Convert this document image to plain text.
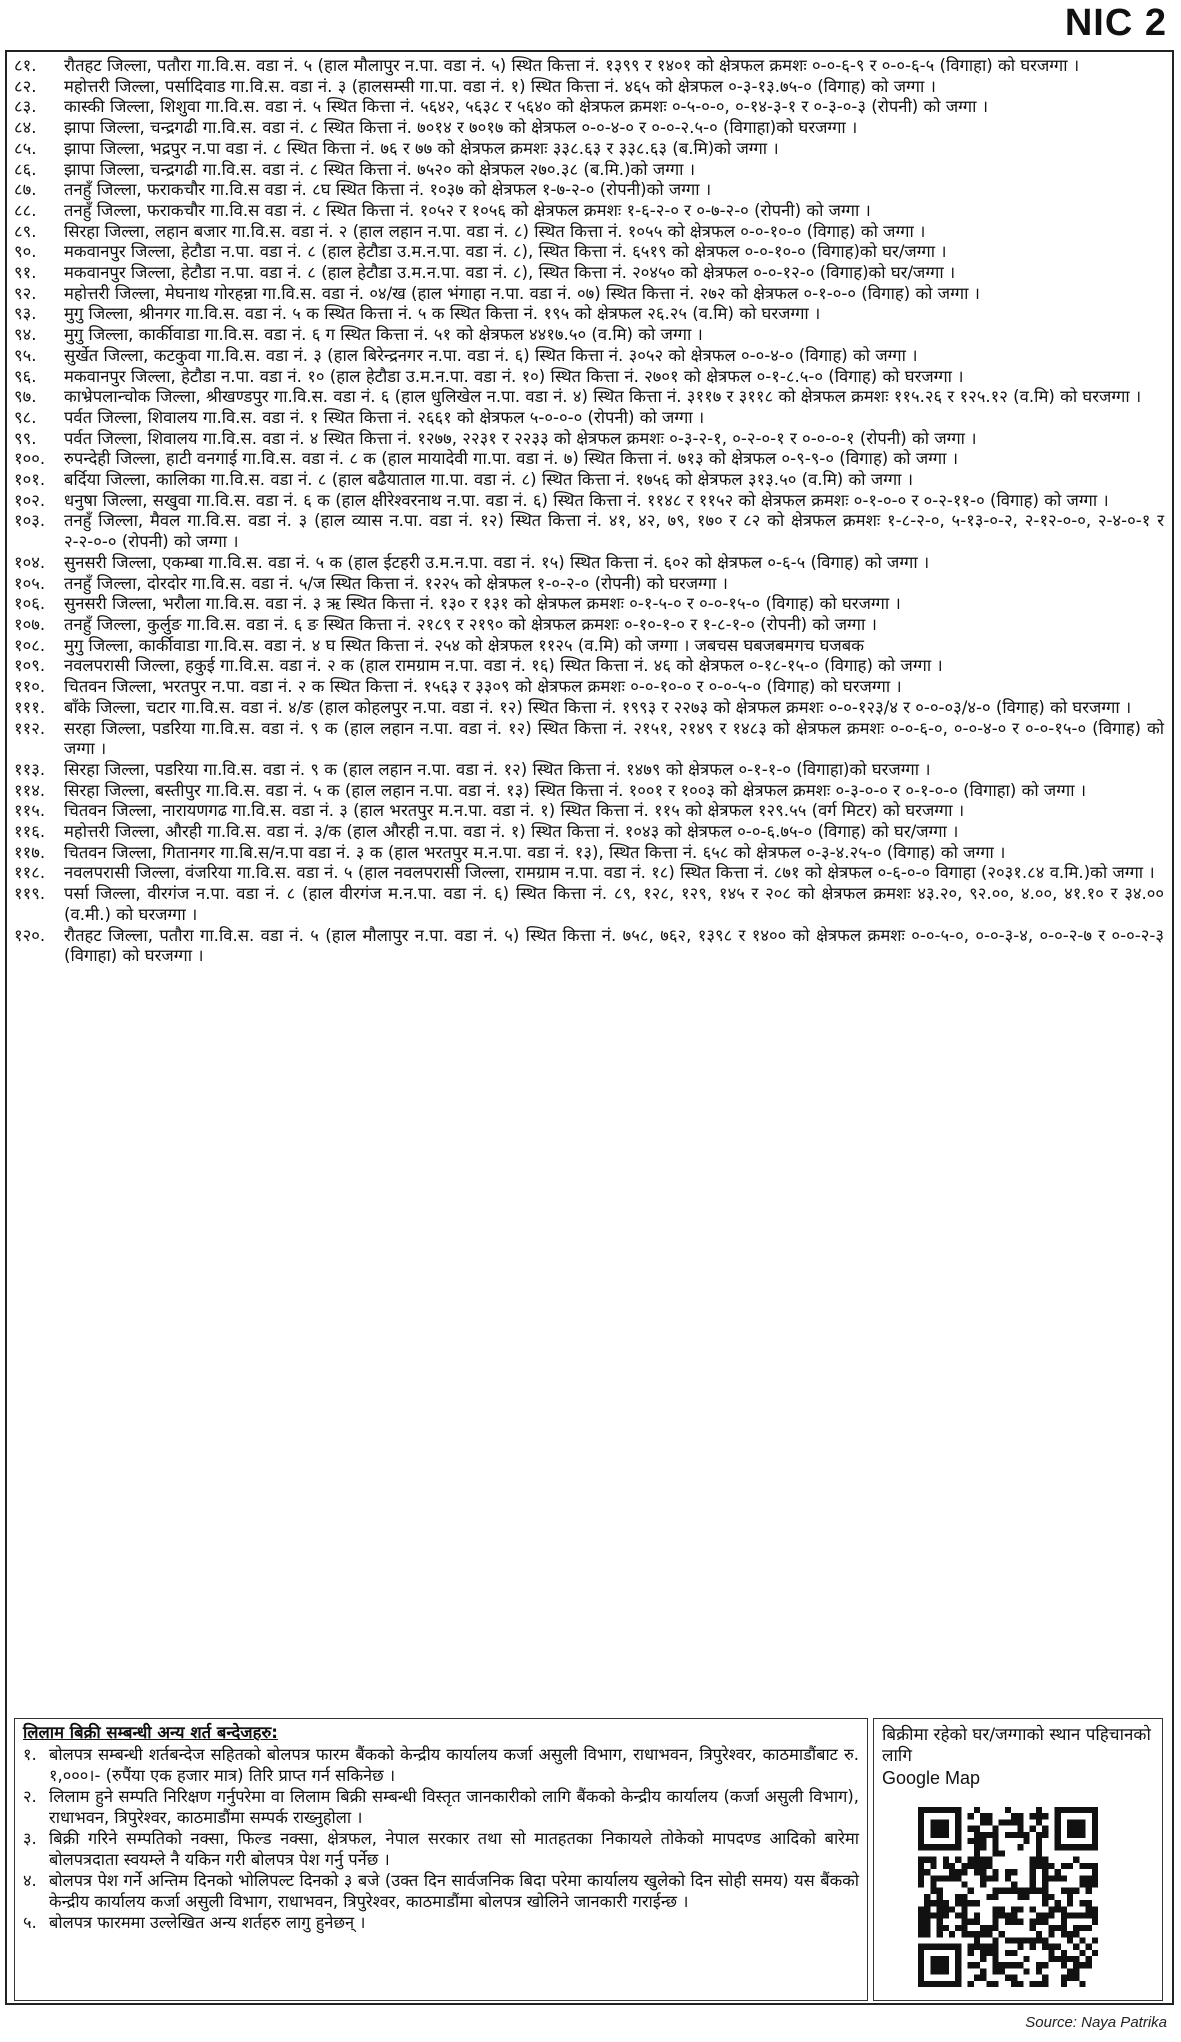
NIC 2
८१.	रौतहट जिल्ला, पतौरा गा.वि.स. वडा नं. ५ (हाल मौलापुर न.पा. वडा नं. ५) स्थित कित्ता नं. १३९९ र १४०१ को क्षेत्रफल क्रमशः ०-०-६-९ र ०-०-६-५ (विगाहा) को घरजग्गा ।
८२.	महोत्तरी जिल्ला, पर्सादिवाड गा.वि.स. वडा नं. ३ (हालसम्सी गा.पा. वडा नं. १) स्थित कित्ता नं. ४६५ को क्षेत्रफल ०-३-१३.७५-० (विगाह) को जग्गा ।
८३.	कास्की जिल्ला, शिशुवा गा.वि.स. वडा नं. ५ स्थित कित्ता नं. ५६४२, ५६३८ र ५६४० को क्षेत्रफल क्रमशः ०-५-०-०, ०-१४-३-१ र ०-३-०-३ (रोपनी) को जग्गा ।
८४.	झापा जिल्ला, चन्द्रगढी गा.वि.स. वडा नं. ८ स्थित कित्ता नं. ७०१४ र ७०१७ को क्षेत्रफल ०-०-४-० र ०-०-२.५-० (विगाहा)को घरजग्गा ।
८५.	झापा जिल्ला, भद्रपुर न.पा वडा नं. ८ स्थित कित्ता नं. ७६ र ७७ को क्षेत्रफल क्रमशः ३३८.६३ र ३३८.६३ (ब.मि)को जग्गा ।
८६.	झापा जिल्ला, चन्द्रगढी गा.वि.स. वडा नं. ८ स्थित कित्ता नं. ७५२० को क्षेत्रफल २७०.३८ (ब.मि.)को जग्गा ।
८७.	तनहुँ जिल्ला, फराकचौर गा.वि.स वडा नं. ८घ स्थित कित्ता नं. १०३७ को क्षेत्रफल १-७-२-० (रोपनी)को जग्गा ।
८८.	तनहुँ जिल्ला, फराकचौर गा.वि.स वडा नं. ८ स्थित कित्ता नं. १०५२ र १०५६ को क्षेत्रफल क्रमशः १-६-२-० र ०-७-२-० (रोपनी) को जग्गा ।
८९.	सिरहा जिल्ला, लहान बजार गा.वि.स. वडा नं. २ (हाल लहान न.पा. वडा नं. ८) स्थित कित्ता नं. १०५५ को क्षेत्रफल ०-०-१०-० (विगाह) को जग्गा ।
९०.	मकवानपुर जिल्ला, हेटौडा न.पा. वडा नं. ८ (हाल हेटौडा उ.म.न.पा. वडा नं. ८), स्थित कित्ता नं. ६५१९ को क्षेत्रफल ०-०-१०-० (विगाह)को घर/जग्गा ।
९१.	मकवानपुर जिल्ला, हेटौडा न.पा. वडा नं. ८ (हाल हेटौडा उ.म.न.पा. वडा नं. ८), स्थित कित्ता नं. २०४५० को क्षेत्रफल ०-०-१२-० (विगाह)को घर/जग्गा ।
९२.	महोत्तरी जिल्ला, मेघनाथ गोरहन्ना गा.वि.स. वडा नं. ०४/ख (हाल भंगाहा न.पा. वडा नं. ०७) स्थित कित्ता नं. २७२ को क्षेत्रफल ०-१-०-० (विगाह) को जग्गा ।
९३.	मुगु जिल्ला, श्रीनगर गा.वि.स. वडा नं. ५ क स्थित कित्ता नं. ५ क स्थित कित्ता नं. १९५ को क्षेत्रफल २६.२५ (व.मि) को घरजग्गा ।
९४.	मुगु जिल्ला, कार्कीवाडा गा.वि.स. वडा नं. ६ ग स्थित कित्ता नं. ५१ को क्षेत्रफल ४४१७.५० (व.मि) को जग्गा ।
९५.	सुर्खेत जिल्ला, कटकुवा गा.वि.स. वडा नं. ३ (हाल बिरेन्द्रनगर न.पा. वडा नं. ६) स्थित कित्ता नं. ३०५२ को क्षेत्रफल ०-०-४-० (विगाह) को जग्गा ।
९६.	मकवानपुर जिल्ला, हेटौडा न.पा. वडा नं. १० (हाल हेटौडा उ.म.न.पा. वडा नं. १०) स्थित कित्ता नं. २७०१ को क्षेत्रफल ०-१-८.५-० (विगाह) को घरजग्गा ।
९७.	काभ्रेपलान्चोक जिल्ला, श्रीखण्डपुर गा.वि.स. वडा नं. ६ (हाल धुलिखेल न.पा. वडा नं. ४) स्थित कित्ता नं. ३११७ र ३११८ को क्षेत्रफल क्रमशः ११५.२६ र १२५.१२ (व.मि) को घरजग्गा ।
९८.	पर्वत जिल्ला, शिवालय गा.वि.स. वडा नं. १ स्थित कित्ता नं. २६६१ को क्षेत्रफल ५-०-०-० (रोपनी) को जग्गा ।
९९.	पर्वत जिल्ला, शिवालय गा.वि.स. वडा नं. ४ स्थित कित्ता नं. १२७७, २२३१ र २२३३ को क्षेत्रफल क्रमशः ०-३-२-१, ०-२-०-१ र ०-०-०-१ (रोपनी) को जग्गा ।
१००.	रुपन्देही जिल्ला, हाटी वनगाई गा.वि.स. वडा नं. ८ क (हाल मायादेवी गा.पा. वडा नं. ७) स्थित कित्ता नं. ७१३ को क्षेत्रफल ०-९-९-० (विगाह) को जग्गा ।
१०१.	बर्दिया जिल्ला, कालिका गा.वि.स. वडा नं. ८ (हाल बढैयाताल गा.पा. वडा नं. ८) स्थित कित्ता नं. १७५६ को क्षेत्रफल ३१३.५० (व.मि) को जग्गा ।
१०२.	धनुषा जिल्ला, सखुवा गा.वि.स. वडा नं. ६ क (हाल क्षीरेश्वरनाथ न.पा. वडा नं. ६) स्थित कित्ता नं. ११४८ र ११५२ को क्षेत्रफल क्रमशः ०-१-०-० र ०-२-११-० (विगाह) को जग्गा ।
१०३.	तनहुँ जिल्ला, मैवल गा.वि.स. वडा नं. ३ (हाल व्यास न.पा. वडा नं. १२) स्थित कित्ता नं. ४१, ४२, ७९, १७० र ८२ को क्षेत्रफल क्रमशः १-८-२-०, ५-१३-०-२, २-१२-०-०, २-४-०-१ र २-२-०-० (रोपनी) को जग्गा ।
१०४.	सुनसरी जिल्ला, एकम्बा गा.वि.स. वडा नं. ५ क (हाल ईटहरी उ.म.न.पा. वडा नं. १५) स्थित कित्ता नं. ६०२ को क्षेत्रफल ०-६-५ (विगाह) को जग्गा ।
१०५.	तनहुँ जिल्ला, दोरदोर गा.वि.स. वडा नं. ५/ज स्थित कित्ता नं. १२२५ को क्षेत्रफल १-०-२-० (रोपनी) को घरजग्गा ।
१०६.	सुनसरी जिल्ला, भरौला गा.वि.स. वडा नं. ३ ऋ स्थित कित्ता नं. १३० र १३१ को क्षेत्रफल क्रमशः ०-१-५-० र ०-०-१५-० (विगाह) को घरजग्गा ।
१०७.	तनहुँ जिल्ला, कुर्लुङ गा.वि.स. वडा नं. ६ ङ स्थित कित्ता नं. २१८९ र २१९० को क्षेत्रफल क्रमशः ०-१०-१-० र १-८-१-० (रोपनी) को जग्गा ।
१०८.	मुगु जिल्ला, कार्कीवाडा गा.वि.स. वडा नं. ४ घ स्थित कित्ता नं. २५४ को क्षेत्रफल ११२५ (व.मि) को जग्गा । जबचस घबजबमगच घजबक
१०९.	नवलपरासी जिल्ला, हकुई गा.वि.स. वडा नं. २ क (हाल रामग्राम न.पा. वडा नं. १६) स्थित कित्ता नं. ४६ को क्षेत्रफल ०-१८-१५-० (विगाह) को जग्गा ।
११०.	चितवन जिल्ला, भरतपुर न.पा. वडा नं. २ क स्थित कित्ता नं. १५६३ र ३३०९ को क्षेत्रफल क्रमशः ०-०-१०-० र ०-०-५-० (विगाह) को घरजग्गा ।
१११.	बाँके जिल्ला, चटार गा.वि.स. वडा नं. ४/ङ (हाल कोहलपुर न.पा. वडा नं. १२) स्थित कित्ता नं. १९९३ र २२७३ को क्षेत्रफल क्रमशः ०-०-१२३/४ र ०-०-०३/४-० (विगाह) को घरजग्गा ।
११२.	सरहा जिल्ला, पडरिया गा.वि.स. वडा नं. ९ क (हाल लहान न.पा. वडा नं. १२) स्थित कित्ता नं. २१५१, २१४९ र १४८३ को क्षेत्रफल क्रमशः ०-०-६-०, ०-०-४-० र ०-०-१५-० (विगाह) को जग्गा ।
११३.	सिरहा जिल्ला, पडरिया गा.वि.स. वडा नं. ९ क (हाल लहान न.पा. वडा नं. १२) स्थित कित्ता नं. १४७९ को क्षेत्रफल ०-१-१-० (विगाहा)को घरजग्गा ।
११४.	सिरहा जिल्ला, बस्तीपुर गा.वि.स. वडा नं. ५ क (हाल लहान न.पा. वडा नं. १३) स्थित कित्ता नं. १००१ र १००३ को क्षेत्रफल क्रमशः ०-३-०-० र ०-१-०-० (विगाहा) को जग्गा ।
११५.	चितवन जिल्ला, नारायणगढ गा.वि.स. वडा नं. ३ (हाल भरतपुर म.न.पा. वडा नं. १) स्थित कित्ता नं. ११५ को क्षेत्रफल १२९.५५ (वर्ग मिटर) को घरजग्गा ।
११६.	महोत्तरी जिल्ला, औरही गा.वि.स. वडा नं. ३/क (हाल औरही न.पा. वडा नं. १) स्थित कित्ता नं. १०४३ को क्षेत्रफल ०-०-६.७५-० (विगाह) को घर/जग्गा ।
११७.	चितवन जिल्ला, गितानगर गा.बि.स/न.पा वडा नं. ३ क (हाल भरतपुर म.न.पा. वडा नं. १३), स्थित कित्ता नं. ६५८ को क्षेत्रफल ०-३-४.२५-० (विगाह) को जग्गा ।
११८.	नवलपरासी जिल्ला, वंजरिया गा.वि.स. वडा नं. ५ (हाल नवलपरासी जिल्ला, रामग्राम न.पा. वडा नं. १८) स्थित कित्ता नं. ८७१ को क्षेत्रफल ०-६-०-० विगाहा (२०३१.८४ व.मि.)को जग्गा ।
११९.	पर्सा जिल्ला, वीरगंज न.पा. वडा नं. ८ (हाल वीरगंज म.न.पा. वडा नं. ६) स्थित कित्ता नं. ८९, १२८, १२९, १४५ र २०८ को क्षेत्रफल क्रमशः ४३.२०, ९२.००, ४.००, ४१.१० र ३४.०० (व.मी.) को घरजग्गा ।
१२०.	रौतहट जिल्ला, पतौरा गा.वि.स. वडा नं. ५ (हाल मौलापुर न.पा. वडा नं. ५) स्थित कित्ता नं. ७५८, ७६२, १३९८ र १४०० को क्षेत्रफल क्रमशः ०-०-५-०, ०-०-३-४, ०-०-२-७ र ०-०-२-३ (विगाहा) को घरजग्गा ।
लिलाम बिक्री सम्बन्धी अन्य शर्त बन्देजहरु:
१. बोलपत्र सम्बन्धी शर्तबन्देज सहितको बोलपत्र फारम बैंकको केन्द्रीय कार्यालय कर्जा असुली विभाग, राधाभवन, त्रिपुरेश्वर, काठमाडौंबाट रु. १,०००।- (रुपैंया एक हजार मात्र) तिरि प्राप्त गर्न सकिनेछ ।
२. लिलाम हुने सम्पति निरिक्षण गर्नुपरेमा वा लिलाम बिक्री सम्बन्धी विस्तृत जानकारीको लागि बैंकको केन्द्रीय कार्यालय (कर्जा असुली विभाग), राधाभवन, त्रिपुरेश्वर, काठमाडौंमा सम्पर्क राख्नुहोला ।
३. बिक्री गरिने सम्पतिको नक्सा, फिल्ड नक्सा, क्षेत्रफल, नेपाल सरकार तथा सो मातहतका निकायले तोकेको मापदण्ड आदिको बारेमा बोलपत्रदाता स्वयम्ले नै यकिन गरी बोलपत्र पेश गर्नु पर्नेछ ।
४. बोलपत्र पेश गर्ने अन्तिम दिनको भोलिपल्ट दिनको ३ बजे (उक्त दिन सार्वजनिक बिदा परेमा कार्यालय खुलेको दिन सोही समय) यस बैंकको केन्द्रीय कार्यालय कर्जा असुली विभाग, राधाभवन, त्रिपुरेश्वर, काठमाडौंमा बोलपत्र खोलिने जानकारी गराईन्छ ।
५. बोलपत्र फारममा उल्लेखित अन्य शर्तहरु लागु हुनेछन् ।
बिक्रीमा रहेको घर/जग्गाको स्थान पहिचानको लागि
Google Map
Source: Naya Patrika
